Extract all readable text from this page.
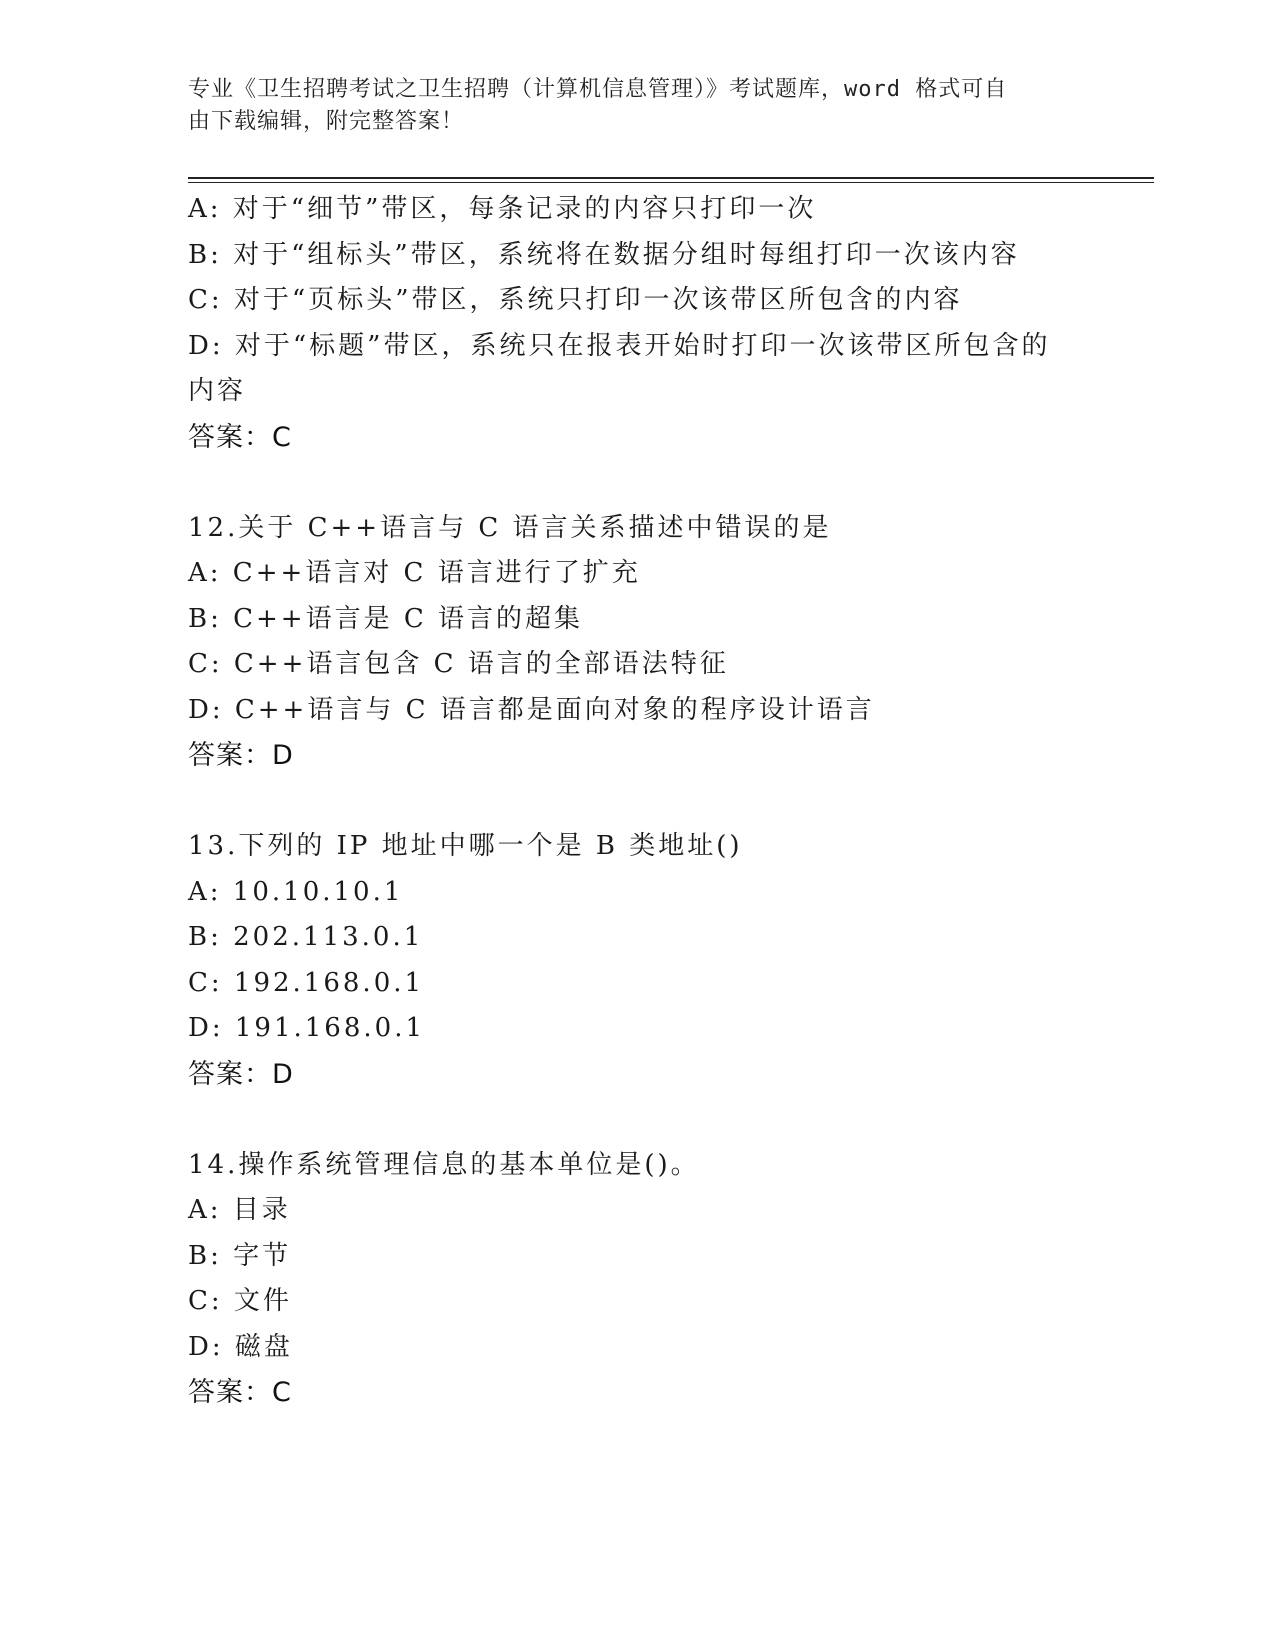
专业《卫生招聘考试之卫生招聘（计算机信息管理）》考试题库，word 格式可自
由下载编辑，附完整答案！
A: 对于“细节”带区，每条记录的内容只打印一次
B: 对于“组标头”带区，系统将在数据分组时每组打印一次该内容
C: 对于“页标头”带区，系统只打印一次该带区所包含的内容
D: 对于“标题”带区，系统只在报表开始时打印一次该带区所包含的
内容
答案：C
12.关于 C++语言与 C 语言关系描述中错误的是
A: C++语言对 C 语言进行了扩充
B: C++语言是 C 语言的超集
C: C++语言包含 C 语言的全部语法特征
D: C++语言与 C 语言都是面向对象的程序设计语言
答案：D
13.下列的 IP 地址中哪一个是 B 类地址()
A: 10.10.10.1
B: 202.113.0.1
C: 192.168.0.1
D: 191.168.0.1
答案：D
14.操作系统管理信息的基本单位是()。
A: 目录
B: 字节
C: 文件
D: 磁盘
答案：C
